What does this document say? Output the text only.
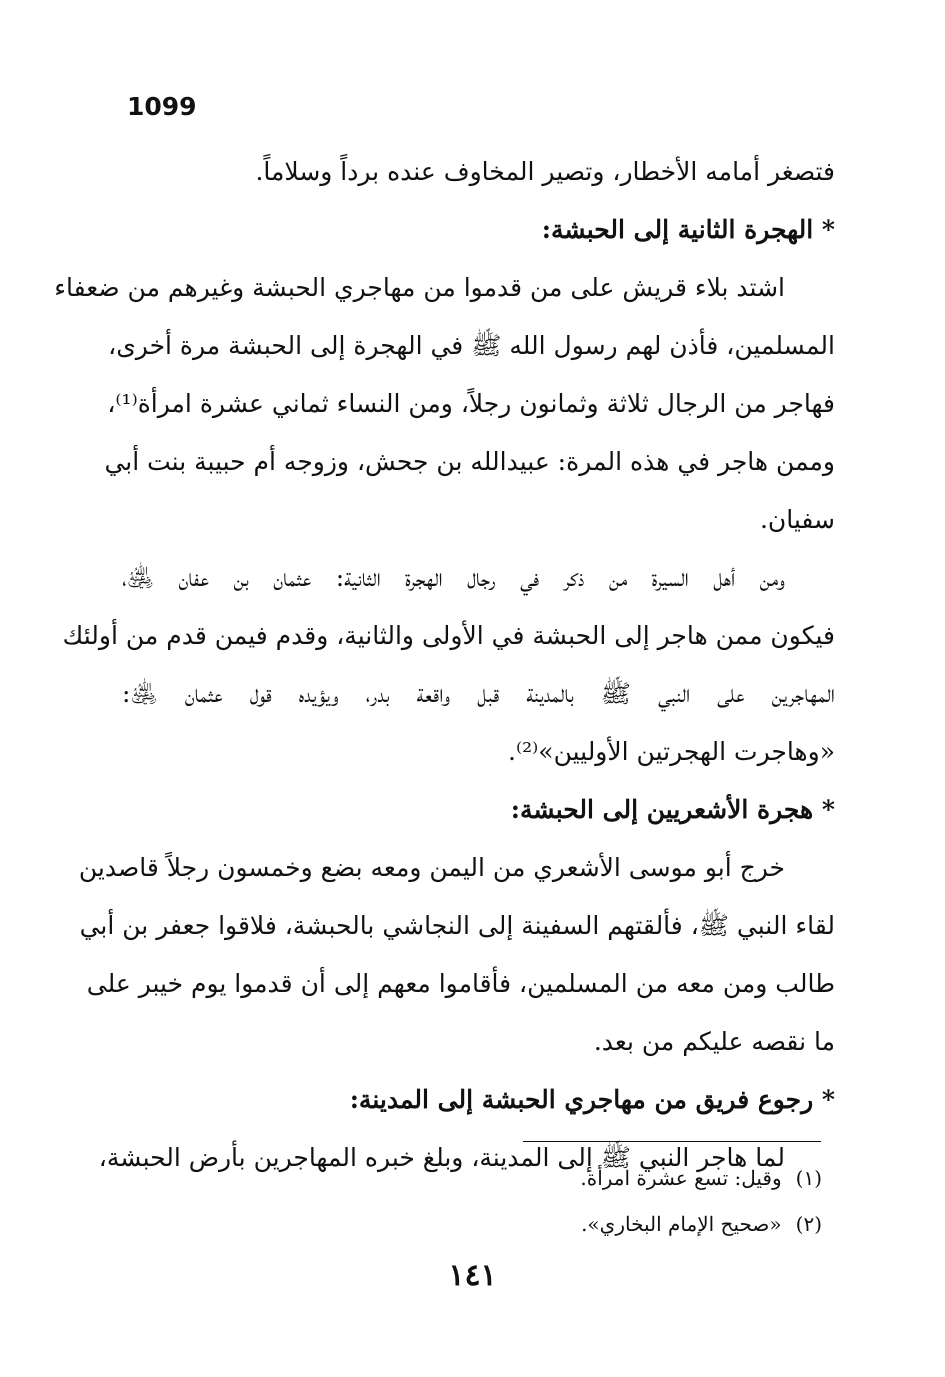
1099
فتصغر أمامه الأخطار، وتصير المخاوف عنده برداً وسلاماً.
* الهجرة الثانية إلى الحبشة:
اشتد بلاء قريش على من قدموا من مهاجري الحبشة وغيرهم من ضعفاء
المسلمين، فأذن لهم رسول الله ﷺ في الهجرة إلى الحبشة مرة أخرى،
فهاجر من الرجال ثلاثة وثمانون رجلاً، ومن النساء ثماني عشرة امرأة⁽¹⁾،
وممن هاجر في هذه المرة: عبيدالله بن جحش، وزوجه أم حبيبة بنت أبي
سفيان.
ومن أهل السيرة من ذكر في رجال الهجرة الثانية: عثمان بن عفان ﵁،
فيكون ممن هاجر إلى الحبشة في الأولى والثانية، وقدم فيمن قدم من أولئك
المهاجرين على النبي ﷺ بالمدينة قبل واقعة بدر، ويؤيده قول عثمان ﵁:
«وهاجرت الهجرتين الأوليين»⁽²⁾.
* هجرة الأشعريين إلى الحبشة:
خرج أبو موسى الأشعري من اليمن ومعه بضع وخمسون رجلاً قاصدين
لقاء النبي ﷺ، فألقتهم السفينة إلى النجاشي بالحبشة، فلاقوا جعفر بن أبي
طالب ومن معه من المسلمين، فأقاموا معهم إلى أن قدموا يوم خيبر على
ما نقصه عليكم من بعد.
* رجوع فريق من مهاجري الحبشة إلى المدينة:
لما هاجر النبي ﷺ إلى المدينة، وبلغ خبره المهاجرين بأرض الحبشة،
(١)وقيل: تسع عشرة امرأة.
(٢)«صحيح الإمام البخاري».
١٤١
